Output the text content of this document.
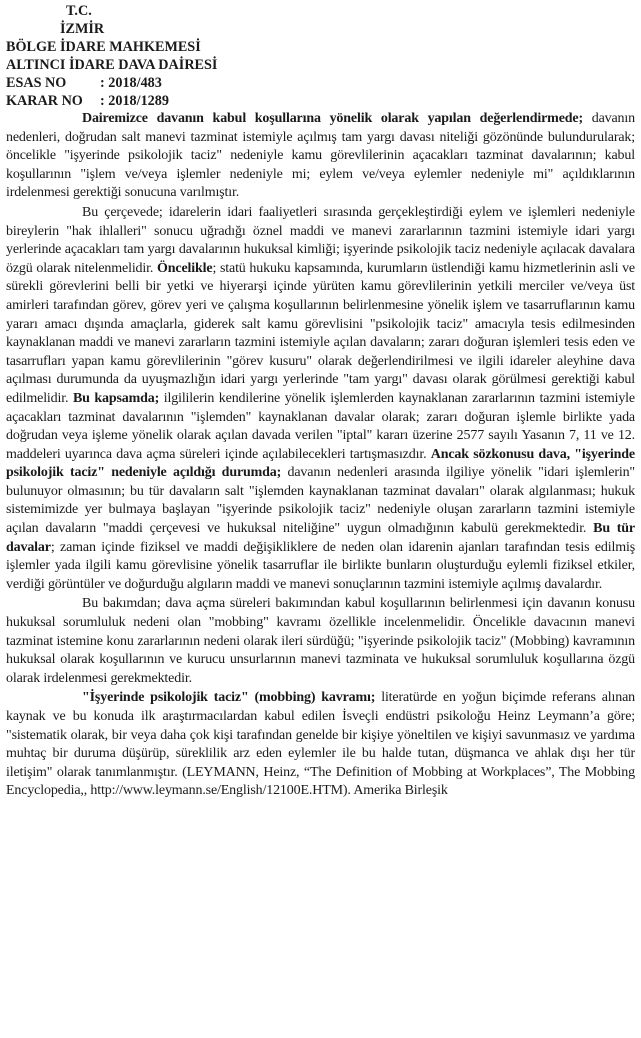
T.C.
İZMİR
BÖLGE İDARE MAHKEMESİ
ALTINCI İDARE DAVA DAİRESİ
ESAS NO : 2018/483
KARAR NO : 2018/1289

Dairemizce davanın kabul koşullarına yönelik olarak yapılan değerlendirmede; davanın nedenleri, doğrudan salt manevi tazminat istemiyle açılmış tam yargı davası niteliği gözönünde bulundurularak; öncelikle "işyerinde psikolojik taciz" nedeniyle kamu görevlilerinin açacakları tazminat davalarının; kabul koşullarının "işlem ve/veya işlemler nedeniyle mi; eylem ve/veya eylemler nedeniyle mi" açıldıklarının irdelenmesi gerektiği sonucuna varılmıştır.

Bu çerçevede; idarelerin idari faaliyetleri sırasında gerçekleştirdiği eylem ve işlemleri nedeniyle bireylerin "hak ihlalleri" sonucu uğradığı öznel maddi ve manevi zararlarının tazmini istemiyle idari yargı yerlerinde açacakları tam yargı davalarının hukuksal kimliği; işyerinde psikolojik taciz nedeniyle açılacak davalara özgü olarak nitelenmelidir. Öncelikle; statü hukuku kapsamında, kurumların üstlendiği kamu hizmetlerinin asli ve sürekli görevlerini belli bir yetki ve hiyerarşi içinde yürüten kamu görevlilerinin yetkili merciler ve/veya üst amirleri tarafından görev, görev yeri ve çalışma koşullarının belirlenmesine yönelik işlem ve tasarruflarının kamu yararı amacı dışında amaçlarla, giderek salt kamu görevlisini "psikolojik taciz" amacıyla tesis edilmesinden kaynaklanan maddi ve manevi zararların tazmini istemiyle açılan davaların; zararı doğuran işlemleri tesis eden ve tasarrufları yapan kamu görevlilerinin "görev kusuru" olarak değerlendirilmesi ve ilgili idareler aleyhine dava açılması durumunda da uyuşmazlığın idari yargı yerlerinde "tam yargı" davası olarak görülmesi gerektiği kabul edilmelidir. Bu kapsamda; ilgililerin kendilerine yönelik işlemlerden kaynaklanan zararlarının tazmini istemiyle açacakları tazminat davalarının "işlemden" kaynaklanan davalar olarak; zararı doğuran işlemle birlikte yada doğrudan veya işleme yönelik olarak açılan davada verilen "iptal" kararı üzerine 2577 sayılı Yasanın 7, 11 ve 12. maddeleri uyarınca dava açma süreleri içinde açılabilecekleri tartışmasızdır. Ancak sözkonusu dava, "işyerinde psikolojik taciz" nedeniyle açıldığı durumda; davanın nedenleri arasında ilgiliye yönelik "idari işlemlerin" bulunuyor olmasının; bu tür davaların salt "işlemden kaynaklanan tazminat davaları" olarak algılanması; hukuk sistemimizde yer bulmaya başlayan "işyerinde psikolojik taciz" nedeniyle oluşan zararların tazmini istemiyle açılan davaların "maddi çerçevesi ve hukuksal niteliğine" uygun olmadığının kabulü gerekmektedir. Bu tür davalar; zaman içinde fiziksel ve maddi değişikliklere de neden olan idarenin ajanları tarafından tesis edilmiş işlemler yada ilgili kamu görevlisine yönelik tasarruflar ile birlikte bunların oluşturduğu eylemli fiziksel etkiler, verdiği görüntüler ve doğurduğu algıların maddi ve manevi sonuçlarının tazmini istemiyle açılmış davalardır.

Bu bakımdan; dava açma süreleri bakımından kabul koşullarının belirlenmesi için davanın konusu hukuksal sorumluluk nedeni olan "mobbing" kavramı özellikle incelenmelidir. Öncelikle davacının manevi tazminat istemine konu zararlarının nedeni olarak ileri sürdüğü; "işyerinde psikolojik taciz" (Mobbing) kavramının hukuksal olarak koşullarının ve kurucu unsurlarının manevi tazminata ve hukuksal sorumluluk koşullarına özgü olarak irdelenmesi gerekmektedir.

"İşyerinde psikolojik taciz" (mobbing) kavramı; literatürde en yoğun biçimde referans alınan kaynak ve bu konuda ilk araştırmacılardan kabul edilen İsveçli endüstri psikoloğu Heinz Leymann’a göre; "sistematik olarak, bir veya daha çok kişi tarafından genelde bir kişiye yöneltilen ve kişiyi savunmasız ve yardıma muhtaç bir duruma düşürüp, süreklilik arz eden eylemler ile bu halde tutan, düşmanca ve ahlak dışı her tür iletişim" olarak tanımlanmıştır. (LEYMANN, Heinz, “The Definition of Mobbing at Workplaces”, The Mobbing Encyclopedia,, http://www.leymann.se/English/12100E.HTM). Amerika Birleşik
